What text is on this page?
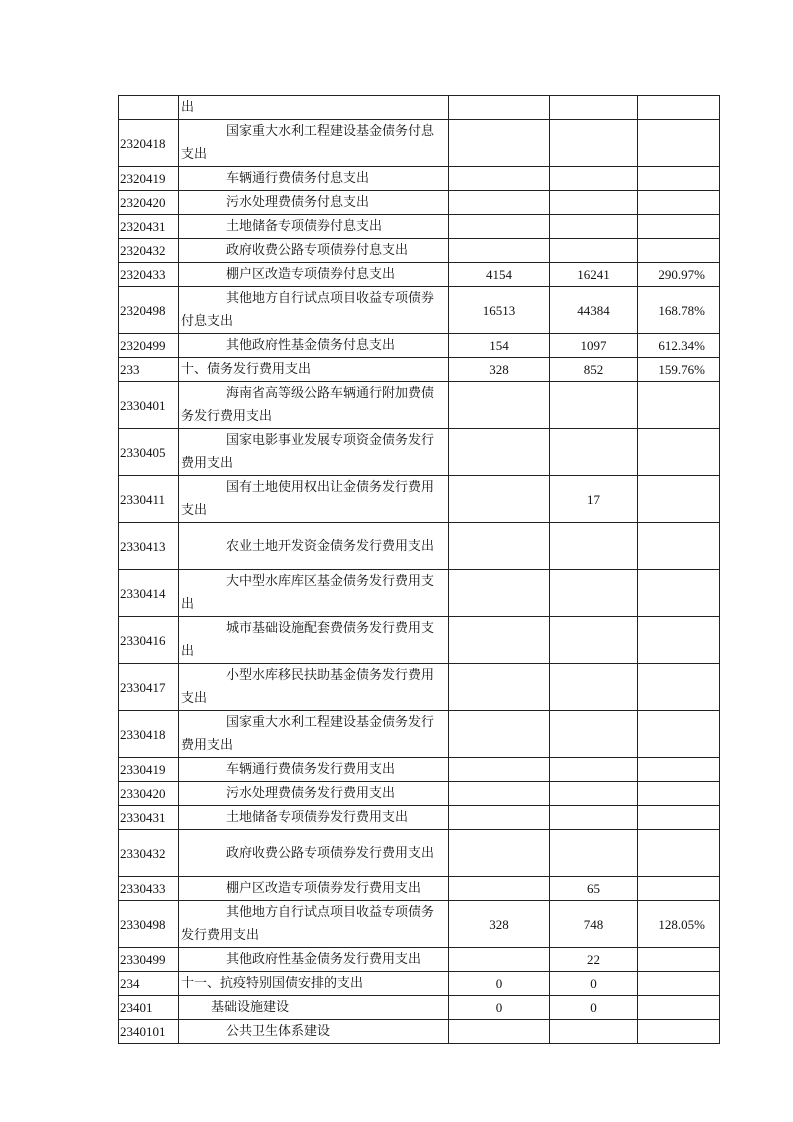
	出			
2320418	国家重大水利工程建设基金债务付息支出			
2320419	车辆通行费债务付息支出			
2320420	污水处理费债务付息支出			
2320431	土地储备专项债券付息支出			
2320432	政府收费公路专项债券付息支出			
2320433	棚户区改造专项债券付息支出	4154	16241	290.97%
2320498	其他地方自行试点项目收益专项债券付息支出	16513	44384	168.78%
2320499	其他政府性基金债务付息支出	154	1097	612.34%
233	十、债务发行费用支出	328	852	159.76%
2330401	海南省高等级公路车辆通行附加费债务发行费用支出			
2330405	国家电影事业发展专项资金债务发行费用支出			
2330411	国有土地使用权出让金债务发行费用支出		17	
2330413	农业土地开发资金债务发行费用支出			
2330414	大中型水库库区基金债务发行费用支出			
2330416	城市基础设施配套费债务发行费用支出			
2330417	小型水库移民扶助基金债务发行费用支出			
2330418	国家重大水利工程建设基金债务发行费用支出			
2330419	车辆通行费债务发行费用支出			
2330420	污水处理费债务发行费用支出			
2330431	土地储备专项债券发行费用支出			
2330432	政府收费公路专项债券发行费用支出			
2330433	棚户区改造专项债券发行费用支出		65	
2330498	其他地方自行试点项目收益专项债务发行费用支出	328	748	128.05%
2330499	其他政府性基金债务发行费用支出		22	
234	十一、抗疫特别国债安排的支出	0	0	
23401	基础设施建设	0	0	
2340101	公共卫生体系建设			
